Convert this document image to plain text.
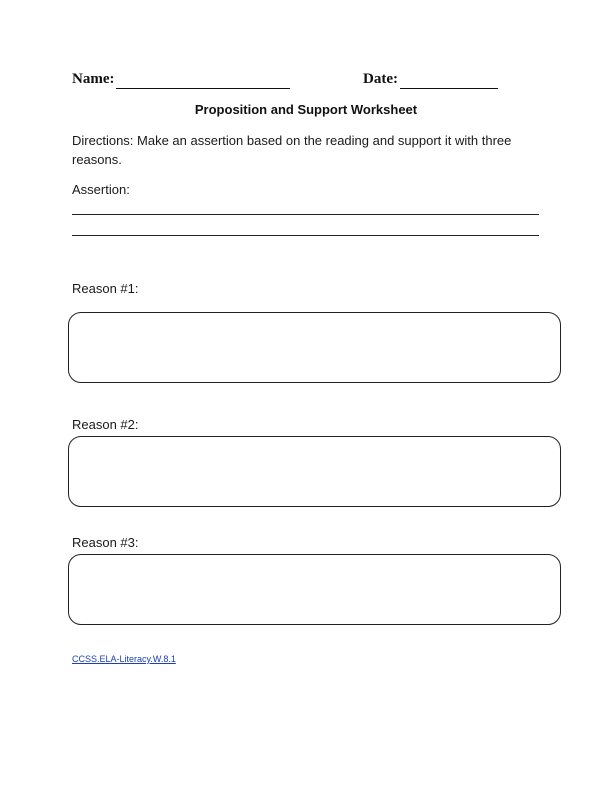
Name:	Date:
Proposition and Support Worksheet
Directions: Make an assertion based on the reading and support it with three reasons.
Assertion:
Reason #1:
Reason #2:
Reason #3:
CCSS.ELA-Literacy.W.8.1
